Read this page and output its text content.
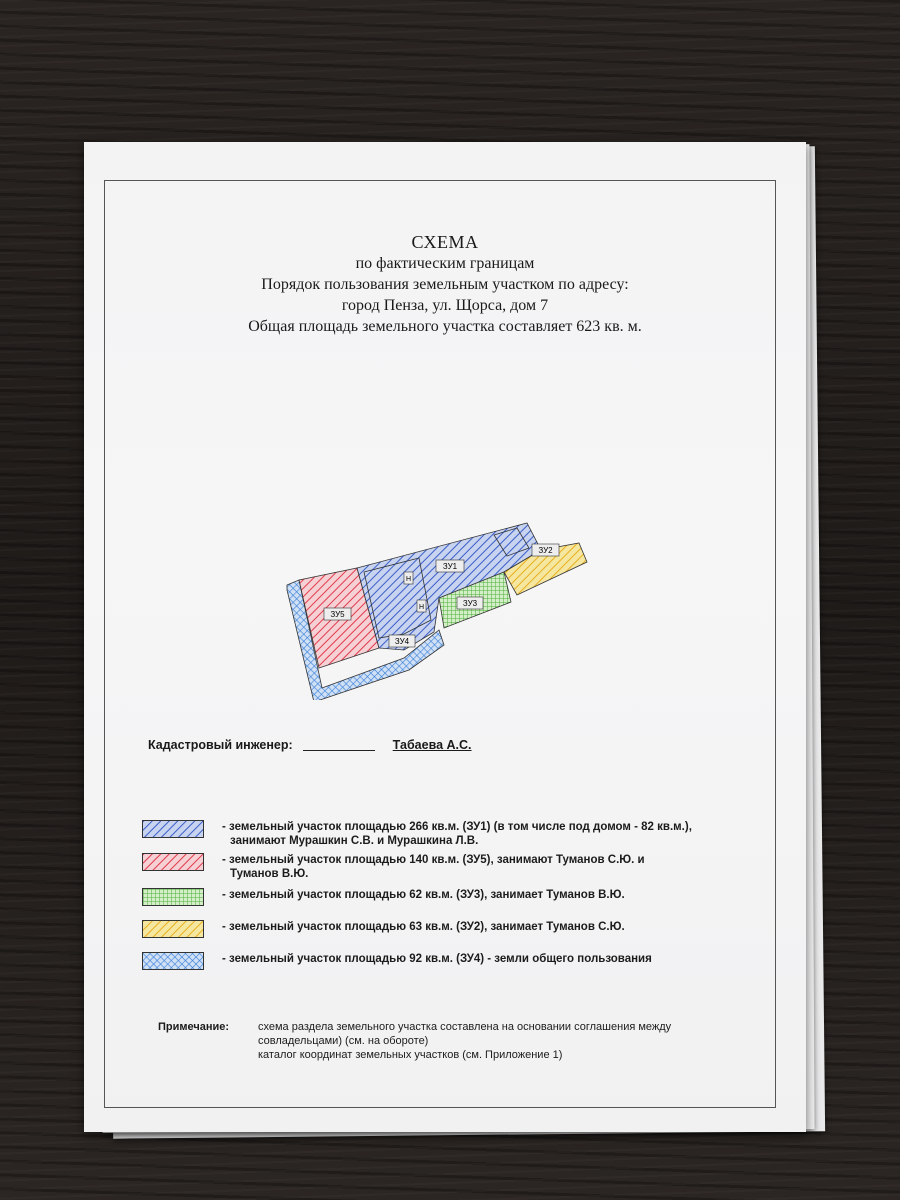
СХЕМА
по фактическим границам
Порядок пользования земельным участком по адресу:
город Пенза, ул. Щорса, дом 7
Общая площадь земельного участка составляет 623 кв. м.
ЗУ1
ЗУ2
ЗУ3
ЗУ4
ЗУ5
Н
Н
Кадастровый инженер:	Табаева А.С.
- земельный участок площадью 266 кв.м. (ЗУ1) (в том числе под домом - 82 кв.м.),
занимают Мурашкин С.В. и Мурашкина Л.В.
- земельный участок площадью 140 кв.м. (ЗУ5), занимают Туманов С.Ю. и
Туманов В.Ю.
- земельный участок площадью 62 кв.м. (ЗУ3), занимает Туманов В.Ю.
- земельный участок площадью 63 кв.м. (ЗУ2), занимает Туманов С.Ю.
- земельный участок площадью 92 кв.м. (ЗУ4) - земли общего пользования
Примечание:	схема раздела земельного участка составлена на основании соглашения между
совладельцами) (см. на обороте)
каталог координат земельных участков (см. Приложение 1)
